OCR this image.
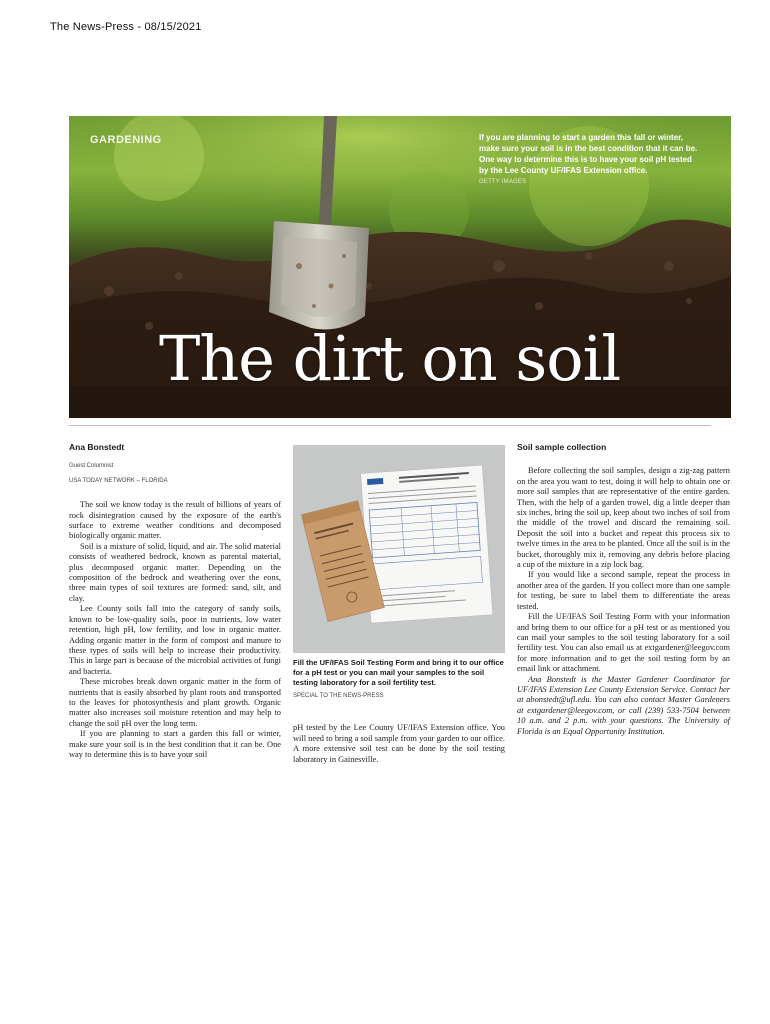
The News-Press - 08/15/2021
GARDENING	If you are planning to start a garden this fall or winter, make sure your soil is in the best condition that it can be. One way to determine this is to have your soil pH tested by the Lee County UF/IFAS Extension office.
GETTY IMAGES
The dirt on soil
Ana Bonstedt
Guest Columnist
USA TODAY NETWORK – FLORIDA

The soil we know today is the result of billions of years of rock disintegration caused by the exposure of the earth's surface to extreme weather conditions and decomposed biologically organic matter.

Soil is a mixture of solid, liquid, and air. The solid material consists of weathered bedrock, known as parental material, plus decomposed organic matter. Depending on the composition of the bedrock and weathering over the eons, three main types of soil textures are formed: sand, silt, and clay.

Lee County soils fall into the category of sandy soils, known to be low-quality soils, poor in nutrients, low water retention, high pH, low fertility, and low in organic matter. Adding organic matter in the form of compost and manure to these types of soils will help to increase their productivity. This in large part is because of the microbial activities of fungi and bacteria.

These microbes break down organic matter in the form of nutrients that is easily absorbed by plant roots and transported to the leaves for photosynthesis and plant growth. Organic matter also increases soil moisture retention and may help to change the soil pH over the long term.

If you are planning to start a garden this fall or winter, make sure your soil is in the best condition that it can be. One way to determine this is to have your soil

Fill the UF/IFAS Soil Testing Form and bring it to our office for a pH test or you can mail your samples to the soil testing laboratory for a soil fertility test.
SPECIAL TO THE NEWS-PRESS

pH tested by the Lee County UF/IFAS Extension office. You will need to bring a soil sample from your garden to our office. A more extensive soil test can be done by the soil testing laboratory in Gainesville.

Soil sample collection

Before collecting the soil samples, design a zig-zag pattern on the area you want to test, doing it will help to obtain one or more soil samples that are representative of the entire garden. Then, with the help of a garden trowel, dig a little deeper than six inches, bring the soil up, keep about two inches of soil from the middle of the trowel and discard the remaining soil. Deposit the soil into a bucket and repeat this process six to twelve times in the area to be planted. Once all the soil is in the bucket, thoroughly mix it, removing any debris before placing a cup of the mixture in a zip lock bag.

If you would like a second sample, repeat the process in another area of the garden. If you collect more than one sample for testing, be sure to label them to differentiate the areas tested.

Fill the UF/IFAS Soil Testing Form with your information and bring them to our office for a pH test or as mentioned you can mail your samples to the soil testing laboratory for a soil fertility test. You can also email us at extgardener@leegov.com for more information and to get the soil testing form by an email link or attachment.

Ana Bonstedt is the Master Gardener Coordinator for UF/IFAS Extension Lee County Extension Service. Contact her at abonstedt@ufl.edu. You can also contact Master Gardeners at extgardener@leegov.com, or call (239) 533-7504 between 10 a.m. and 2 p.m. with your questions. The University of Florida is an Equal Opportunity Institution.
